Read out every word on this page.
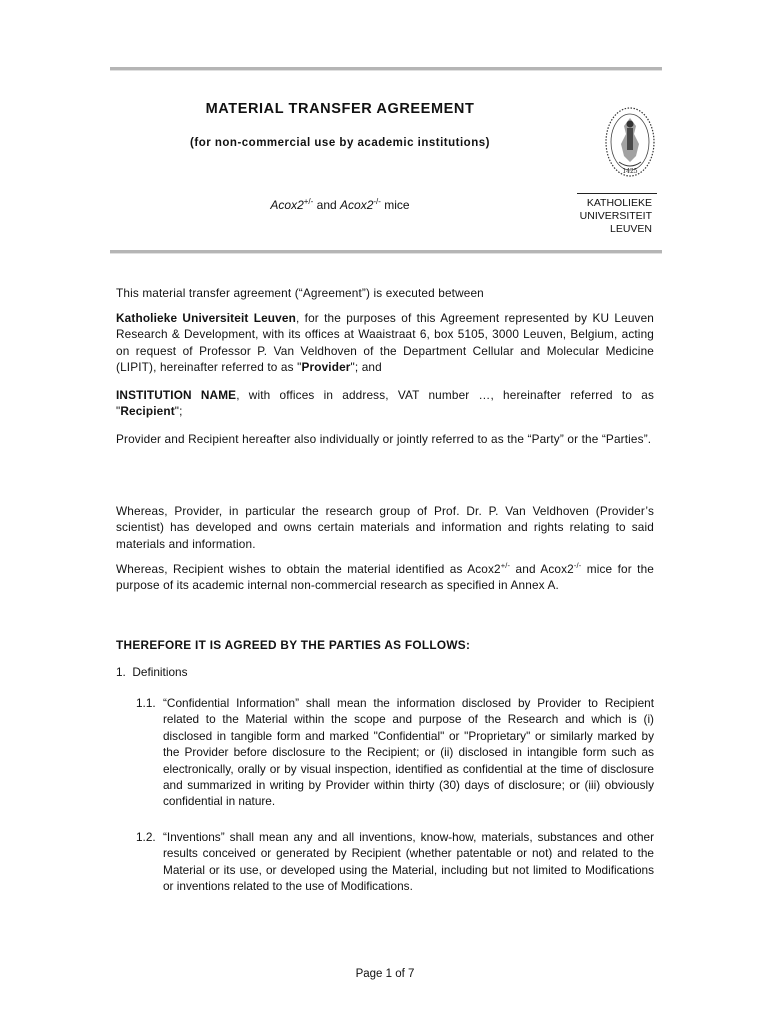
MATERIAL TRANSFER AGREEMENT
(for non-commercial use by academic institutions)
Acox2+/- and Acox2-/- mice
1425
KATHOLIEKE
UNIVERSITEIT
LEUVEN
This material transfer agreement (“Agreement”) is executed between
Katholieke Universiteit Leuven, for the purposes of this Agreement represented by KU Leuven Research & Development, with its offices at Waaistraat 6, box 5105, 3000 Leuven, Belgium, acting on request of Professor P. Van Veldhoven of the Department Cellular and Molecular Medicine (LIPIT), hereinafter referred to as "Provider"; and
INSTITUTION NAME, with offices in address, VAT number …, hereinafter referred to as "Recipient";
Provider and Recipient hereafter also individually or jointly referred to as the “Party” or the “Parties”.
Whereas, Provider, in particular the research group of Prof. Dr. P. Van Veldhoven (Provider’s scientist) has developed and owns certain materials and information and rights relating to said materials and information.
Whereas, Recipient wishes to obtain the material identified as Acox2+/- and Acox2-/- mice for the purpose of its academic internal non-commercial research as specified in Annex A.
THEREFORE IT IS AGREED BY THE PARTIES AS FOLLOWS:
1.  Definitions
1.1. “Confidential Information” shall mean the information disclosed by Provider to Recipient related to the Material within the scope and purpose of the Research and which is (i) disclosed in tangible form and marked "Confidential" or "Proprietary" or similarly marked by the Provider before disclosure to the Recipient; or (ii) disclosed in intangible form such as electronically, orally or by visual inspection, identified as confidential at the time of disclosure and summarized in writing by Provider within thirty (30) days of disclosure; or (iii) obviously confidential in nature.
1.2. “Inventions” shall mean any and all inventions, know-how, materials, substances and other results conceived or generated by Recipient (whether patentable or not) and related to the Material or its use, or developed using the Material, including but not limited to Modifications or inventions related to the use of Modifications.
Page 1 of 7
